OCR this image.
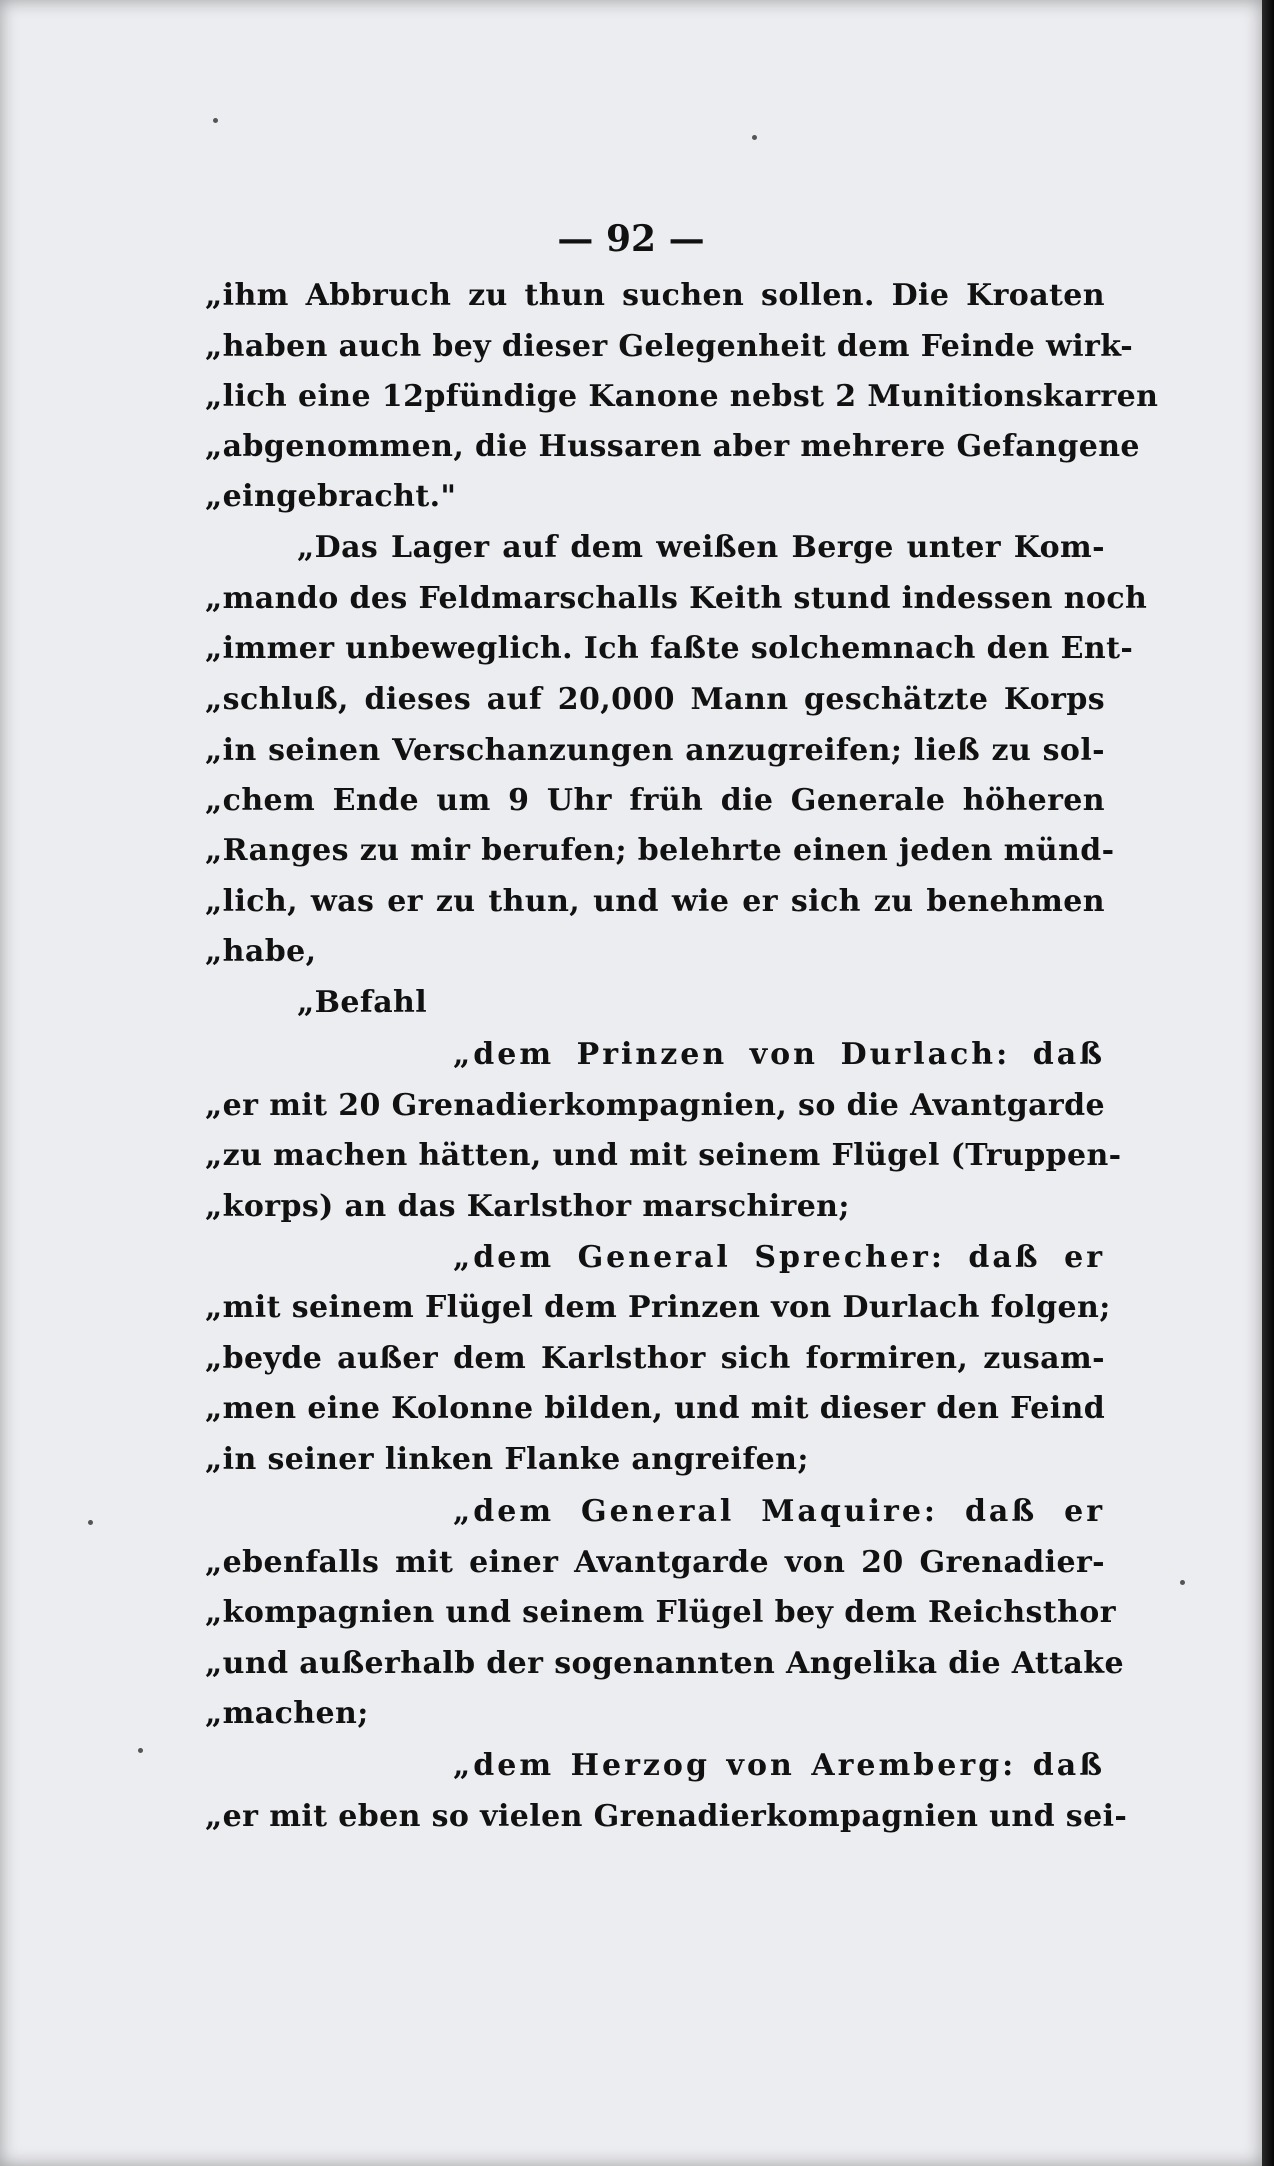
— 92 —
„ihm Abbruch zu thun suchen sollen. Die Kroaten
„haben auch bey dieser Gelegenheit dem Feinde wirk-
„lich eine 12pfündige Kanone nebst 2 Munitionskarren
„abgenommen, die Hussaren aber mehrere Gefangene
„eingebracht."
„Das Lager auf dem weißen Berge unter Kom-
„mando des Feldmarschalls Keith stund indessen noch
„immer unbeweglich. Ich faßte solchemnach den Ent-
„schluß, dieses auf 20,000 Mann geschätzte Korps
„in seinen Verschanzungen anzugreifen; ließ zu sol-
„chem Ende um 9 Uhr früh die Generale höheren
„Ranges zu mir berufen; belehrte einen jeden münd-
„lich, was er zu thun, und wie er sich zu benehmen
„habe,
„Befahl
„dem Prinzen von Durlach: daß
„er mit 20 Grenadierkompagnien, so die Avantgarde
„zu machen hätten, und mit seinem Flügel (Truppen-
„korps) an das Karlsthor marschiren;
„dem General Sprecher: daß er
„mit seinem Flügel dem Prinzen von Durlach folgen;
„beyde außer dem Karlsthor sich formiren, zusam-
„men eine Kolonne bilden, und mit dieser den Feind
„in seiner linken Flanke angreifen;
„dem General Maquire: daß er
„ebenfalls mit einer Avantgarde von 20 Grenadier-
„kompagnien und seinem Flügel bey dem Reichsthor
„und außerhalb der sogenannten Angelika die Attake
„machen;
„dem Herzog von Aremberg: daß
„er mit eben so vielen Grenadierkompagnien und sei-
